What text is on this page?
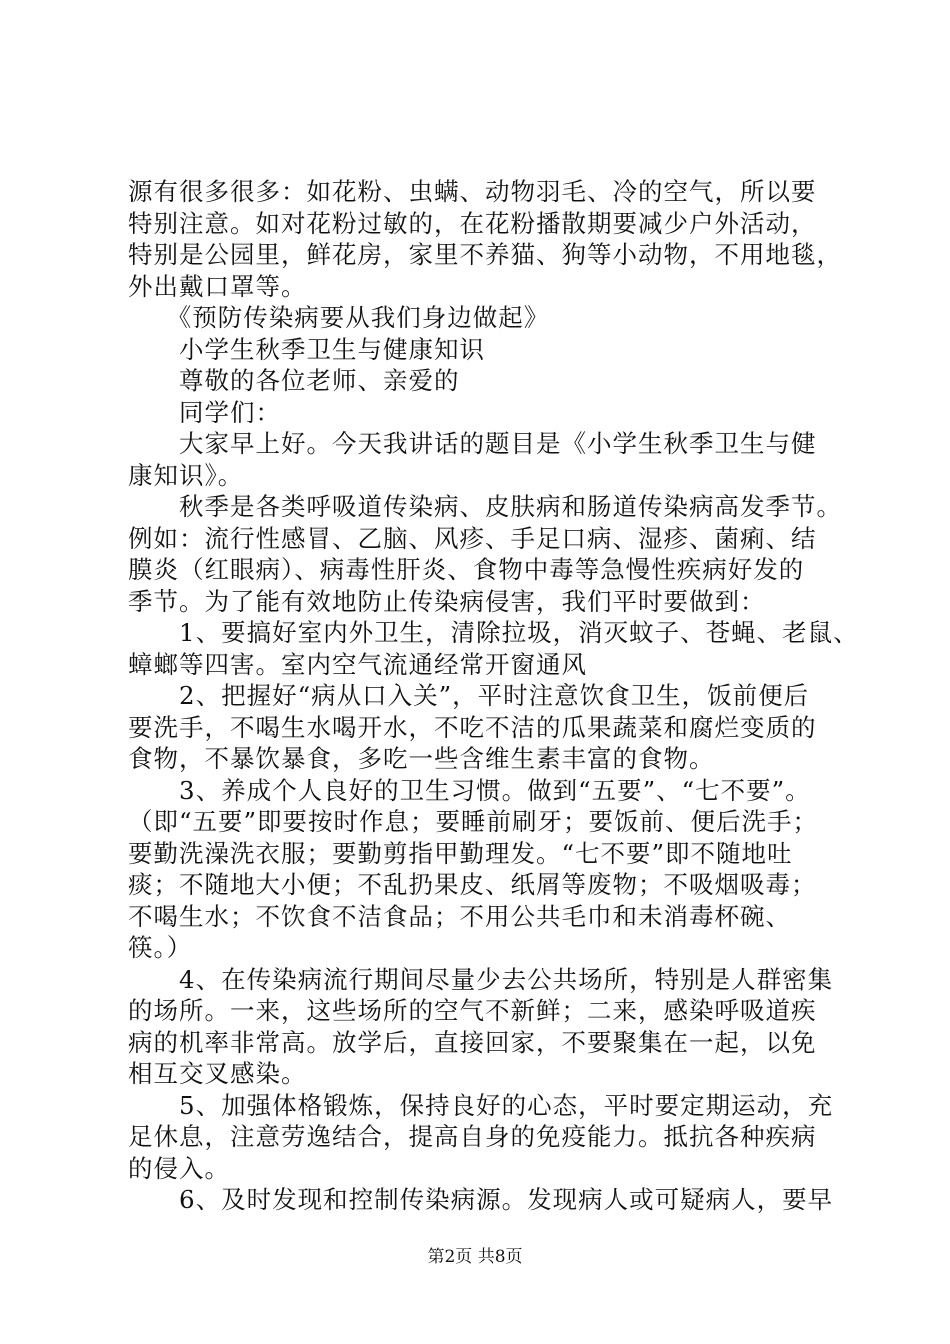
源有很多很多：如花粉、虫螨、动物羽毛、冷的空气，所以要
特别注意。如对花粉过敏的，在花粉播散期要减少户外活动，
特别是公园里，鲜花房，家里不养猫、狗等小动物，不用地毯，
外出戴口罩等。
　　《预防传染病要从我们身边做起》
　　小学生秋季卫生与健康知识
　　尊敬的各位老师、亲爱的
　　同学们：
　　大家早上好。今天我讲话的题目是《小学生秋季卫生与健
康知识》。
　　秋季是各类呼吸道传染病、皮肤病和肠道传染病高发季节。
例如：流行性感冒、乙脑、风疹、手足口病、湿疹、菌痢、结
膜炎（红眼病）、病毒性肝炎、食物中毒等急慢性疾病好发的
季节。为了能有效地防止传染病侵害，我们平时要做到：
　　1、要搞好室内外卫生，清除拉圾，消灭蚊子、苍蝇、老鼠、
蟑螂等四害。室内空气流通经常开窗通风
　　2、把握好“病从口入关”，平时注意饮食卫生，饭前便后
要洗手，不喝生水喝开水，不吃不洁的瓜果蔬菜和腐烂变质的
食物，不暴饮暴食，多吃一些含维生素丰富的食物。
　　3、养成个人良好的卫生习惯。做到“五要”、“七不要”。
（即“五要”即要按时作息；要睡前刷牙；要饭前、便后洗手；
要勤洗澡洗衣服；要勤剪指甲勤理发。“七不要”即不随地吐
痰；不随地大小便；不乱扔果皮、纸屑等废物；不吸烟吸毒；
不喝生水；不饮食不洁食品；不用公共毛巾和未消毒杯碗、
筷。）
　　4、在传染病流行期间尽量少去公共场所，特别是人群密集
的场所。一来，这些场所的空气不新鲜；二来，感染呼吸道疾
病的机率非常高。放学后，直接回家，不要聚集在一起，以免
相互交叉感染。
　　5、加强体格锻炼，保持良好的心态，平时要定期运动，充
足休息，注意劳逸结合，提高自身的免疫能力。抵抗各种疾病
的侵入。
　　6、及时发现和控制传染病源。发现病人或可疑病人，要早
第2页 共8页
